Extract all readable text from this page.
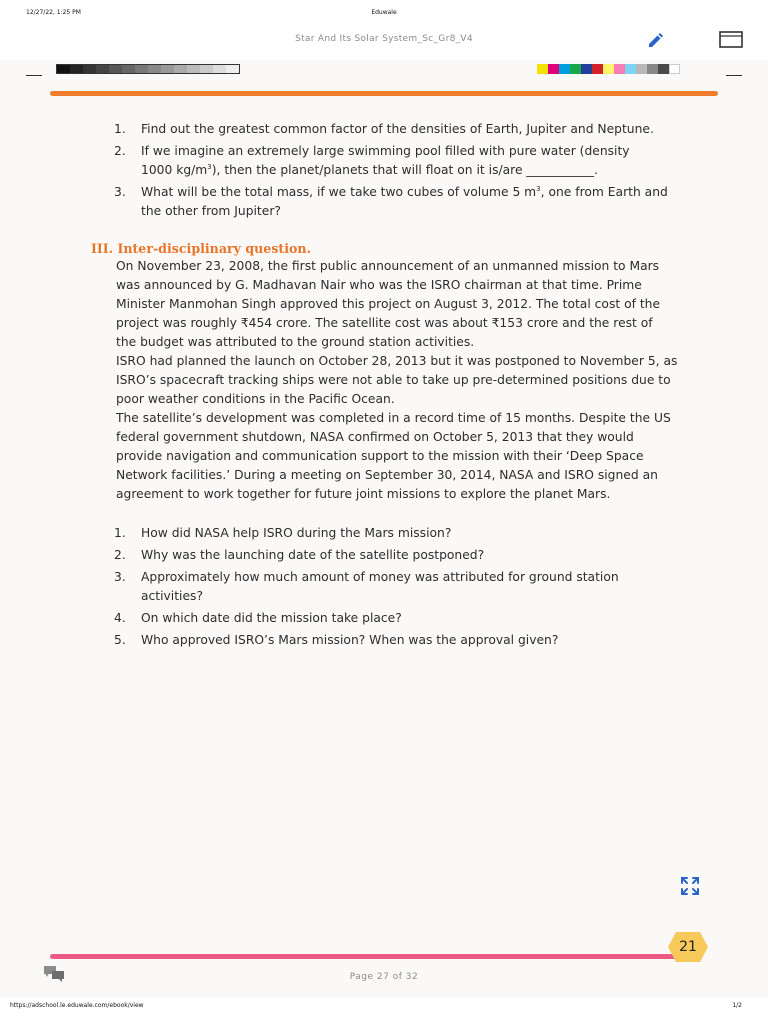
12/27/22, 1:25 PM	Eduwale
Star And Its Solar System_Sc_Gr8_V4
1. Find out the greatest common factor of the densities of Earth, Jupiter and Neptune.
2. If we imagine an extremely large swimming pool filled with pure water (density
1000 $kg/m^3$), then the planet/planets that will float on it is/are ___________.
3. What will be the total mass, if we take two cubes of volume 5 $m^3$, one from Earth and
the other from Jupiter?
III. Inter-disciplinary question.
On November 23, 2008, the first public announcement of an unmanned mission to Mars
was announced by G. Madhavan Nair who was the ISRO chairman at that time. Prime
Minister Manmohan Singh approved this project on August 3, 2012. The total cost of the
project was roughly ₹454 crore. The satellite cost was about ₹153 crore and the rest of
the budget was attributed to the ground station activities.
ISRO had planned the launch on October 28, 2013 but it was postponed to November 5, as
ISRO’s spacecraft tracking ships were not able to take up pre-determined positions due to
poor weather conditions in the Pacific Ocean.
The satellite’s development was completed in a record time of 15 months. Despite the US
federal government shutdown, NASA confirmed on October 5, 2013 that they would
provide navigation and communication support to the mission with their ‘Deep Space
Network facilities.’ During a meeting on September 30, 2014, NASA and ISRO signed an
agreement to work together for future joint missions to explore the planet Mars.
1. How did NASA help ISRO during the Mars mission?
2. Why was the launching date of the satellite postponed?
3. Approximately how much amount of money was attributed for ground station
activities?
4. On which date did the mission take place?
5. Who approved ISRO’s Mars mission? When was the approval given?
21
Page 27 of 32
https://adschool.le.eduwale.com/ebook/view	1/2
